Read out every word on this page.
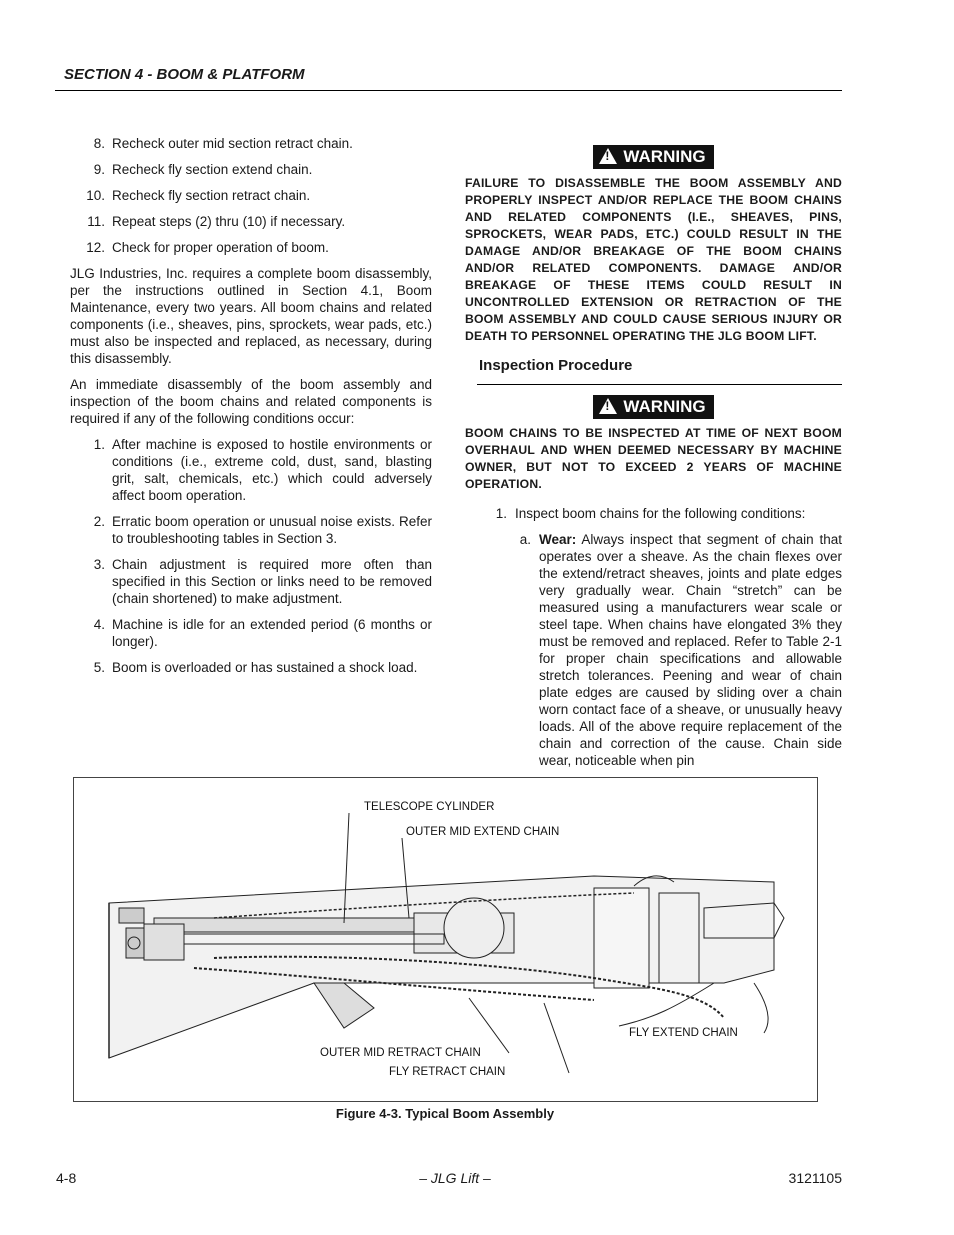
SECTION 4 - BOOM & PLATFORM
8. Recheck outer mid section retract chain.
9. Recheck fly section extend chain.
10. Recheck fly section retract chain.
11. Repeat steps (2) thru (10) if necessary.
12. Check for proper operation of boom.

JLG Industries, Inc. requires a complete boom disassembly, per the instructions outlined in Section 4.1, Boom Maintenance, every two years. All boom chains and related components (i.e., sheaves, pins, sprockets, wear pads, etc.) must also be inspected and replaced, as necessary, during this disassembly.

An immediate disassembly of the boom assembly and inspection of the boom chains and related components is required if any of the following conditions occur:

1. After machine is exposed to hostile environments or conditions (i.e., extreme cold, dust, sand, blasting grit, salt, chemicals, etc.) which could adversely affect boom operation.
2. Erratic boom operation or unusual noise exists. Refer to troubleshooting tables in Section 3.
3. Chain adjustment is required more often than specified in this Section or links need to be removed (chain shortened) to make adjustment.
4. Machine is idle for an extended period (6 months or longer).
5. Boom is overloaded or has sustained a shock load.
!WARNING

FAILURE TO DISASSEMBLE THE BOOM ASSEMBLY AND PROPERLY INSPECT AND/OR REPLACE THE BOOM CHAINS AND RELATED COMPONENTS (I.E., SHEAVES, PINS, SPROCKETS, WEAR PADS, ETC.) COULD RESULT IN THE DAMAGE AND/OR BREAKAGE OF THE BOOM CHAINS AND/OR RELATED COMPONENTS. DAMAGE AND/OR BREAKAGE OF THESE ITEMS COULD RESULT IN UNCONTROLLED EXTENSION OR RETRACTION OF THE BOOM ASSEMBLY AND COULD CAUSE SERIOUS INJURY OR DEATH TO PERSONNEL OPERATING THE JLG BOOM LIFT.

Inspection Procedure
!WARNING

BOOM CHAINS TO BE INSPECTED AT TIME OF NEXT BOOM OVERHAUL AND WHEN DEEMED NECESSARY BY MACHINE OWNER, BUT NOT TO EXCEED 2 YEARS OF MACHINE OPERATION.

1. Inspect boom chains for the following conditions:
a. Wear: Always inspect that segment of chain that operates over a sheave. As the chain flexes over the extend/retract sheaves, joints and plate edges very gradually wear. Chain “stretch” can be measured using a manufacturers wear scale or steel tape. When chains have elongated 3% they must be removed and replaced. Refer to Table 2-1 for proper chain specifications and allowable stretch tolerances. Peening and wear of chain plate edges are caused by sliding over a chain worn contact face of a sheave, or unusually heavy loads. All of the above require replacement of the chain and correction of the cause. Chain side wear, noticeable when pin
TELESCOPE CYLINDER
OUTER MID EXTEND CHAIN
FLY EXTEND CHAIN
OUTER MID RETRACT CHAIN
FLY RETRACT CHAIN
Figure 4-3. Typical Boom Assembly
4-8	– JLG Lift –	3121105
